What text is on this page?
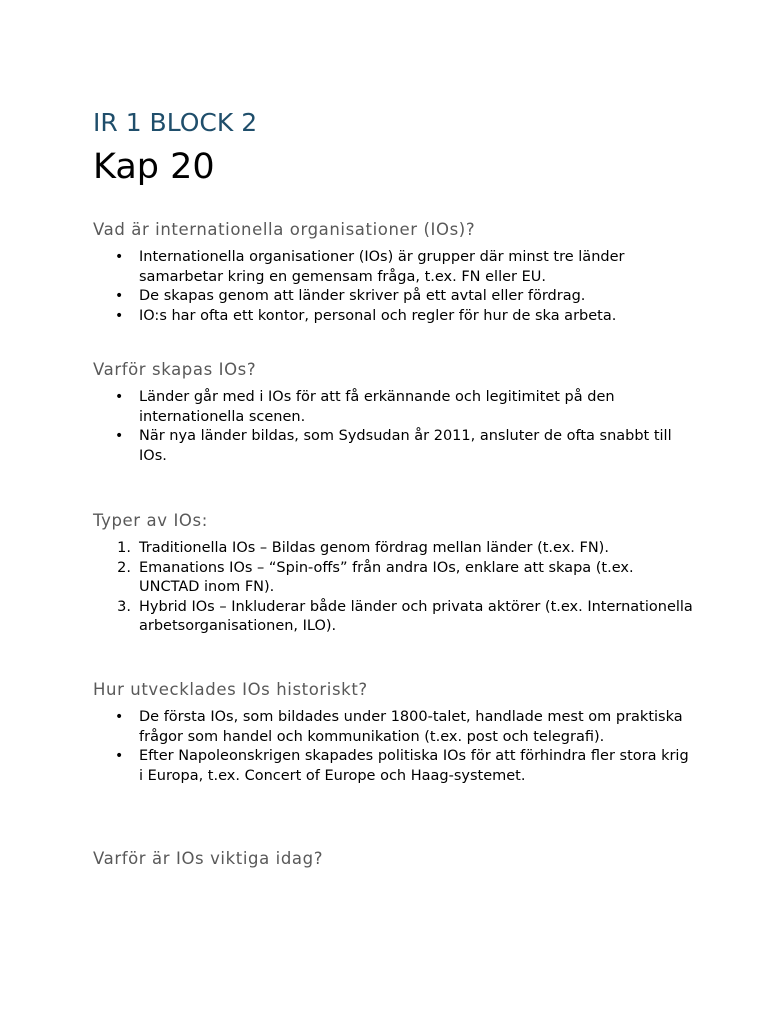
IR 1 BLOCK 2
Kap 20
Vad är internationella organisationer (IOs)?
• Internationella organisationer (IOs) är grupper där minst tre länder samarbetar kring en gemensam fråga, t.ex. FN eller EU.
• De skapas genom att länder skriver på ett avtal eller fördrag.
• IO:s har ofta ett kontor, personal och regler för hur de ska arbeta.
Varför skapas IOs?
• Länder går med i IOs för att få erkännande och legitimitet på den internationella scenen.
• När nya länder bildas, som Sydsudan år 2011, ansluter de ofta snabbt till IOs.
Typer av IOs:
1. Traditionella IOs – Bildas genom fördrag mellan länder (t.ex. FN).
2. Emanations IOs – “Spin-offs” från andra IOs, enklare att skapa (t.ex. UNCTAD inom FN).
3. Hybrid IOs – Inkluderar både länder och privata aktörer (t.ex. Internationella arbetsorganisationen, ILO).
Hur utvecklades IOs historiskt?
• De första IOs, som bildades under 1800-talet, handlade mest om praktiska frågor som handel och kommunikation (t.ex. post och telegrafi).
• Efter Napoleonskrigen skapades politiska IOs för att förhindra fler stora krig i Europa, t.ex. Concert of Europe och Haag-systemet.
Varför är IOs viktiga idag?
